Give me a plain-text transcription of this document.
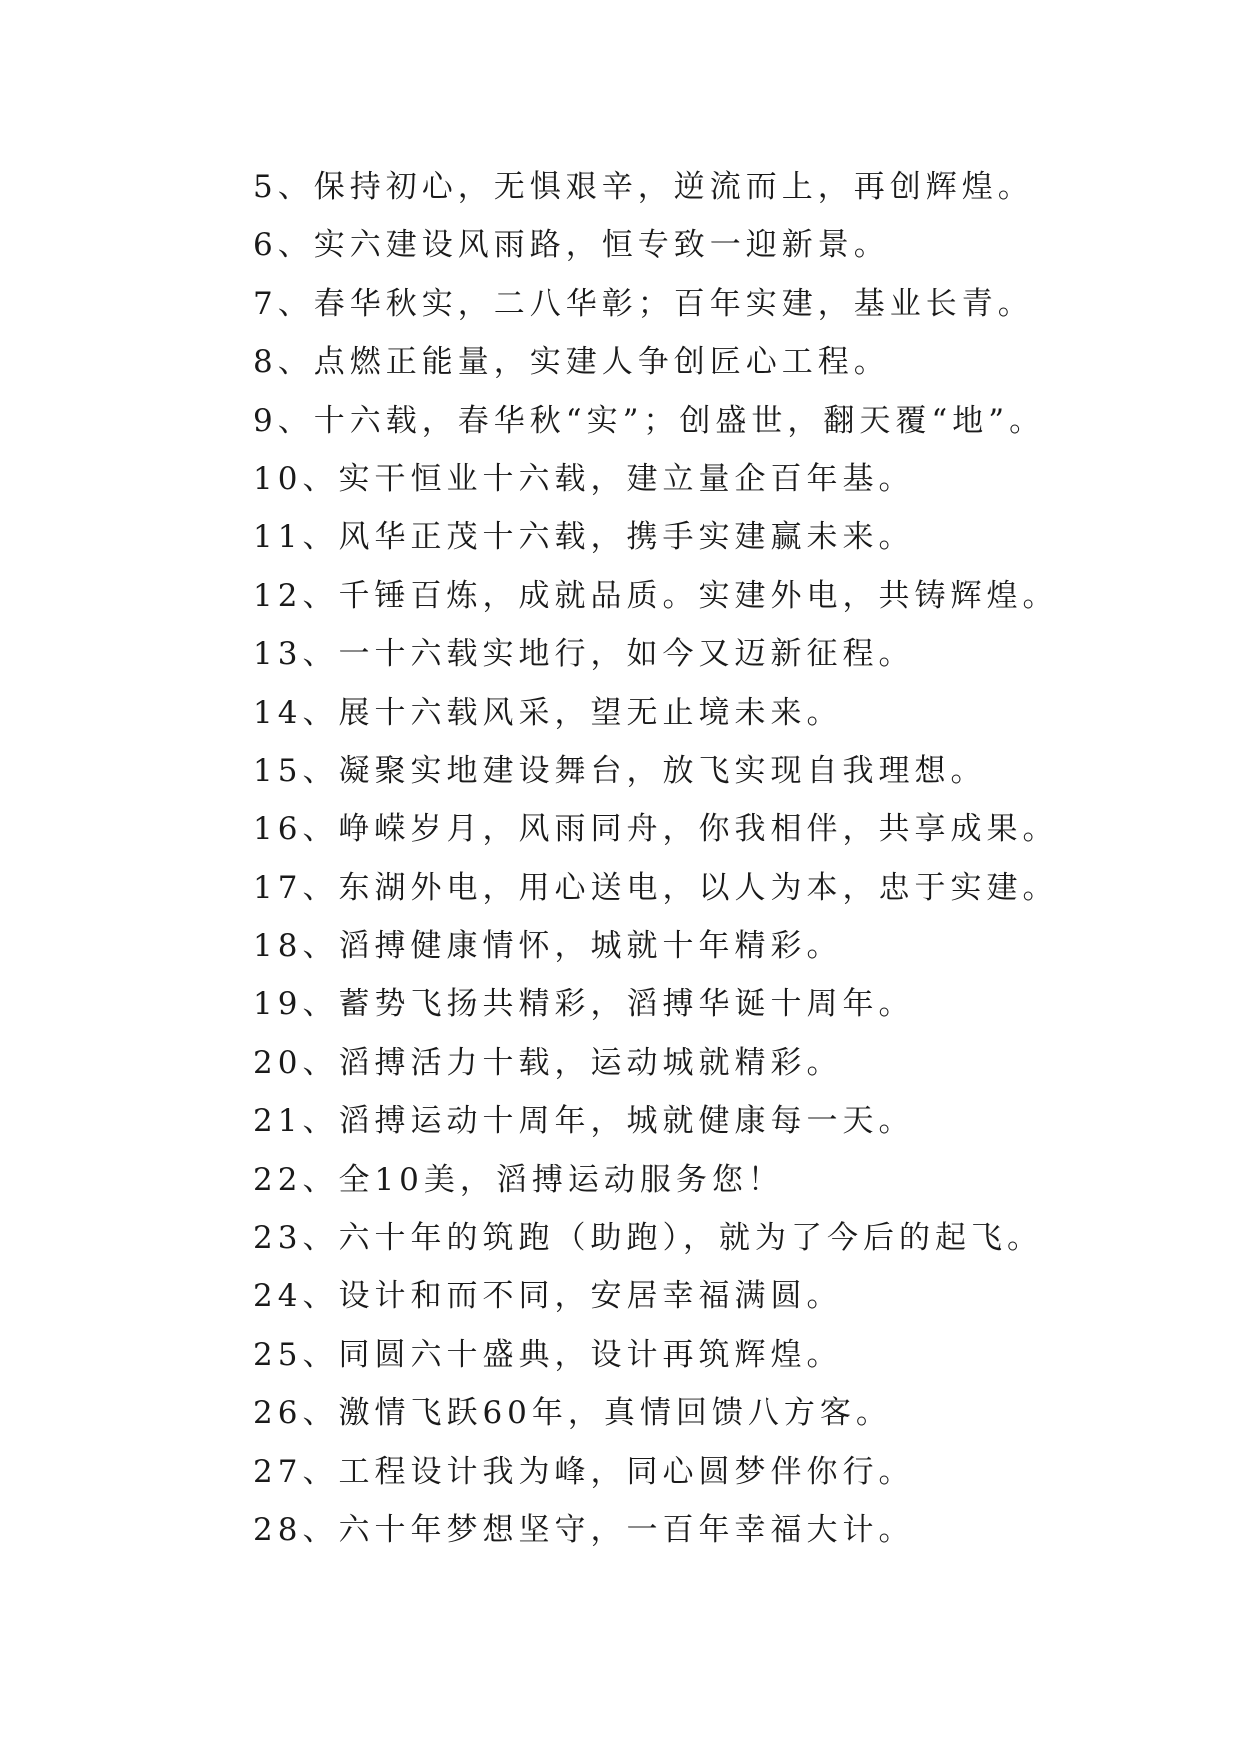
5、保持初心，无惧艰辛，逆流而上，再创辉煌。
6、实六建设风雨路，恒专致一迎新景。
7、春华秋实，二八华彰；百年实建，基业长青。
8、点燃正能量，实建人争创匠心工程。
9、十六载，春华秋“实”；创盛世，翻天覆“地”。
10、实干恒业十六载，建立量企百年基。
11、风华正茂十六载，携手实建赢未来。
12、千锤百炼，成就品质。实建外电，共铸辉煌。
13、一十六载实地行，如今又迈新征程。
14、展十六载风采，望无止境未来。
15、凝聚实地建设舞台，放飞实现自我理想。
16、峥嵘岁月，风雨同舟，你我相伴，共享成果。
17、东湖外电，用心送电，以人为本，忠于实建。
18、滔搏健康情怀，城就十年精彩。
19、蓄势飞扬共精彩，滔搏华诞十周年。
20、滔搏活力十载，运动城就精彩。
21、滔搏运动十周年，城就健康每一天。
22、全10美，滔搏运动服务您！
23、六十年的筑跑（助跑），就为了今后的起飞。
24、设计和而不同，安居幸福满圆。
25、同圆六十盛典，设计再筑辉煌。
26、激情飞跃60年，真情回馈八方客。
27、工程设计我为峰，同心圆梦伴你行。
28、六十年梦想坚守，一百年幸福大计。
